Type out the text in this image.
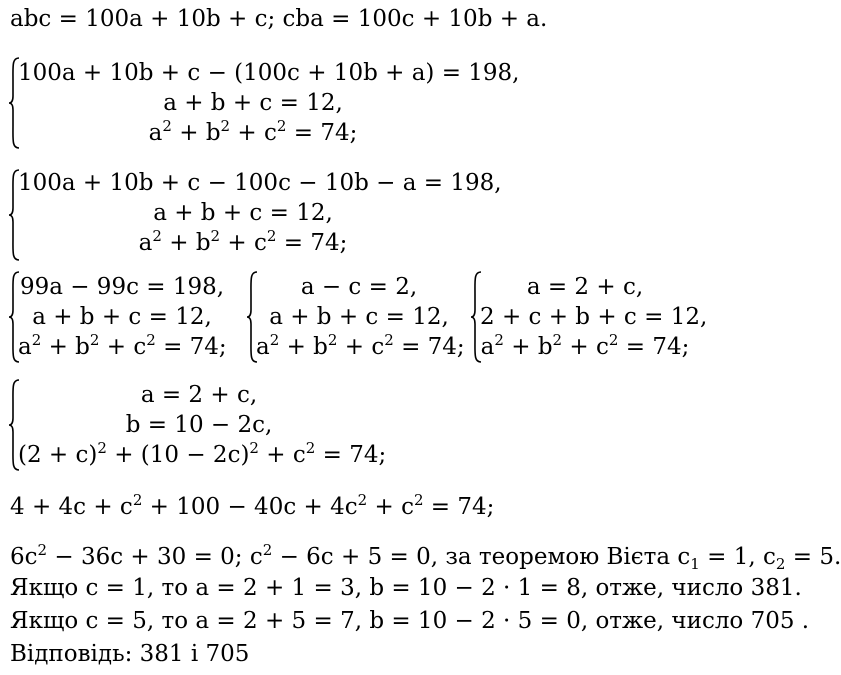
abc = 100a + 10b + c; cba = 100c + 10b + a.
100a + 10b + c − (100c + 10b + a) = 198,
a + b + c = 12,
$a^2 + b^2 + c^2 = 74$;
100a + 10b + c − 100c − 10b − a = 198,
a + b + c = 12,
$a^2 + b^2 + c^2 = 74$;
99a − 99c = 198,
a + b + c = 12,
$a^2 + b^2 + c^2 = 74$;
a − c = 2,
a + b + c = 12,
$a^2 + b^2 + c^2 = 74$;
a = 2 + c,
2 + c + b + c = 12,
$a^2 + b^2 + c^2 = 74$;
a = 2 + c,
b = 10 − 2c,
$(2 + c)^2 + (10 - 2c)^2 + c^2 = 74$;
$4 + 4c + c^2 + 100 - 40c + 4c^2 + c^2 = 74$;
$6c^2 - 36c + 30 = 0$; $c^2 - 6c + 5 = 0$, за теоремою Вієта $c_1 = 1$, $c_2 = 5$.
Якщо c = 1, то a = 2 + 1 = 3, b = 10 − 2 · 1 = 8, отже, число 381.
Якщо c = 5, то a = 2 + 5 = 7, b = 10 − 2 · 5 = 0, отже, число 705 .
Відповідь: 381 і 705
